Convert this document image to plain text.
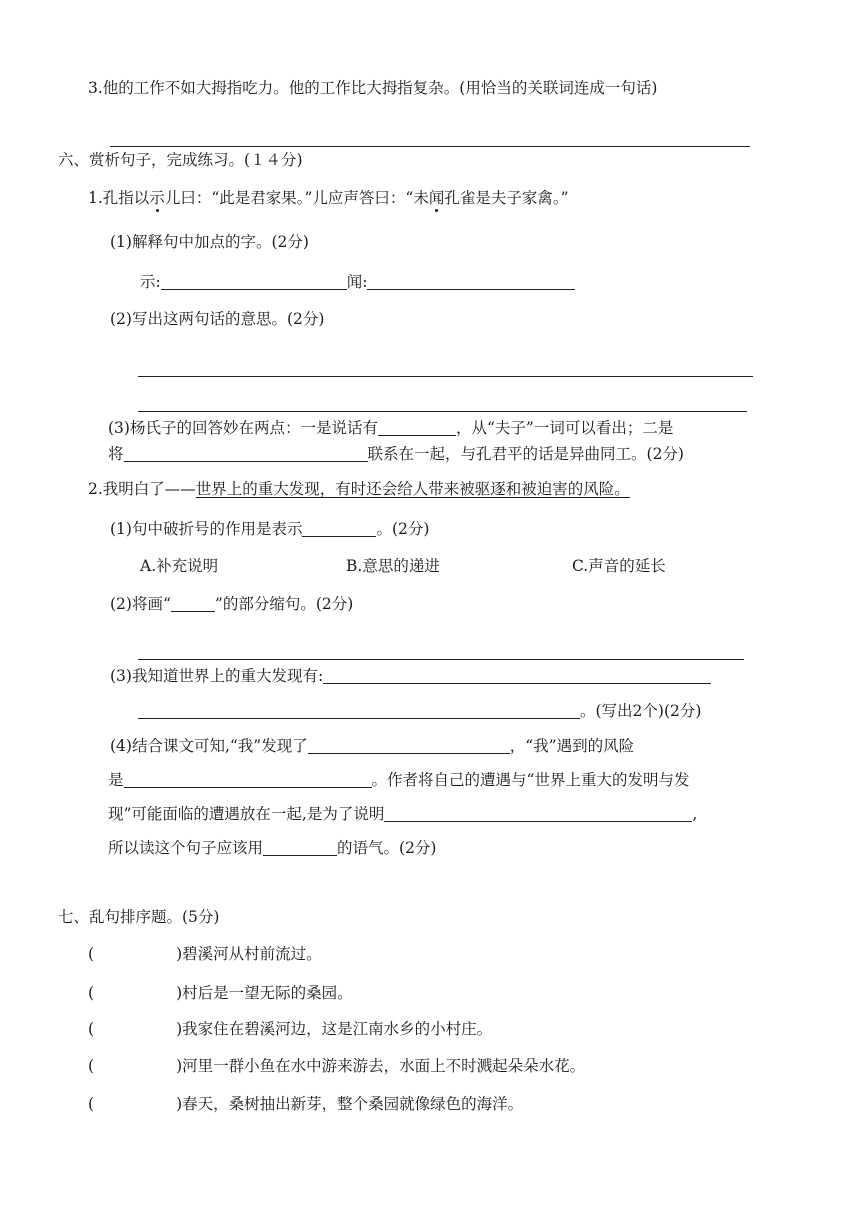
3.他的工作不如大拇指吃力。他的工作比大拇指复杂。(用恰当的关联词连成一句话)
六、赏析句子，完成练习。(１４分)
1.孔指以示儿曰：“此是君家果。”儿应声答曰：“未闻孔雀是夫子家禽。”
(1)解释句中加点的字。(2分)
示:	闻:
(2)写出这两句话的意思。(2分)
(3)杨氏子的回答妙在两点：一是说话有	，从“夫子”一词可以看出；二是
将	联系在一起，与孔君平的话是异曲同工。(2分)
2.我明白了——世界上的重大发现，有时还会给人带来被驱逐和被迫害的风险。
(1)句中破折号的作用是表示	。(2分)
A.补充说明	B.意思的递进	C.声音的延长
(2)将画“	”的部分缩句。(2分)
(3)我知道世界上的重大发现有:
。(写出2个)(2分)
(4)结合课文可知,“我”发现了	，“我”遇到的风险
是	。作者将自己的遭遇与“世界上重大的发明与发
现”可能面临的遭遇放在一起,是为了说明	,
所以读这个句子应该用	的语气。(2分)
七、乱句排序题。(5分)
(	)碧溪河从村前流过。
(	)村后是一望无际的桑园。
(	)我家住在碧溪河边，这是江南水乡的小村庄。
(	)河里一群小鱼在水中游来游去，水面上不时溅起朵朵水花。
(	)春天，桑树抽出新芽，整个桑园就像绿色的海洋。
